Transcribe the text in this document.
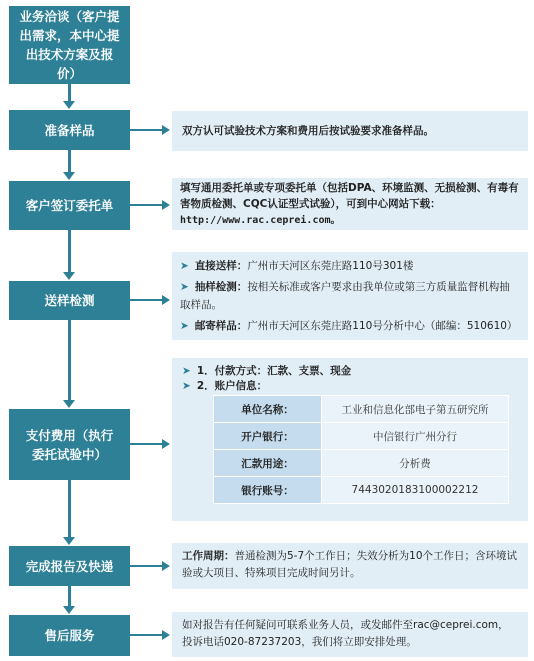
业务洽谈（客户提出需求，本中心提出技术方案及报价）
准备样品
客户签订委托单
送样检测
支付费用（执行委托试验中）
完成报告及快递
售后服务
双方认可试验技术方案和费用后按试验要求准备样品。
填写通用委托单或专项委托单（包括DPA、环境监测、无损检测、有毒有害物质检测、CQC认证型式试验），可到中心网站下载：
http://www.rac.ceprei.com。
➤ 直接送样：广州市天河区东莞庄路110号301楼
➤ 抽样检测：按相关标准或客户要求由我单位或第三方质量监督机构抽取样品。
➤ 邮寄样品：广州市天河区东莞庄路110号分析中心（邮编：510610）
➤ 1．付款方式：汇款、支票、现金
➤ 2．账户信息：
单位名称：	工业和信息化部电子第五研究所
开户银行：	中信银行广州分行
汇款用途：	分析费
银行账号：	7443020183100002212
工作周期：普通检测为5-7个工作日；失效分析为10个工作日；含环境试验或大项目、特殊项目完成时间另计。
如对报告有任何疑问可联系业务人员，或发邮件至rac@ceprei.com，投诉电话020-87237203，我们将立即安排处理。
